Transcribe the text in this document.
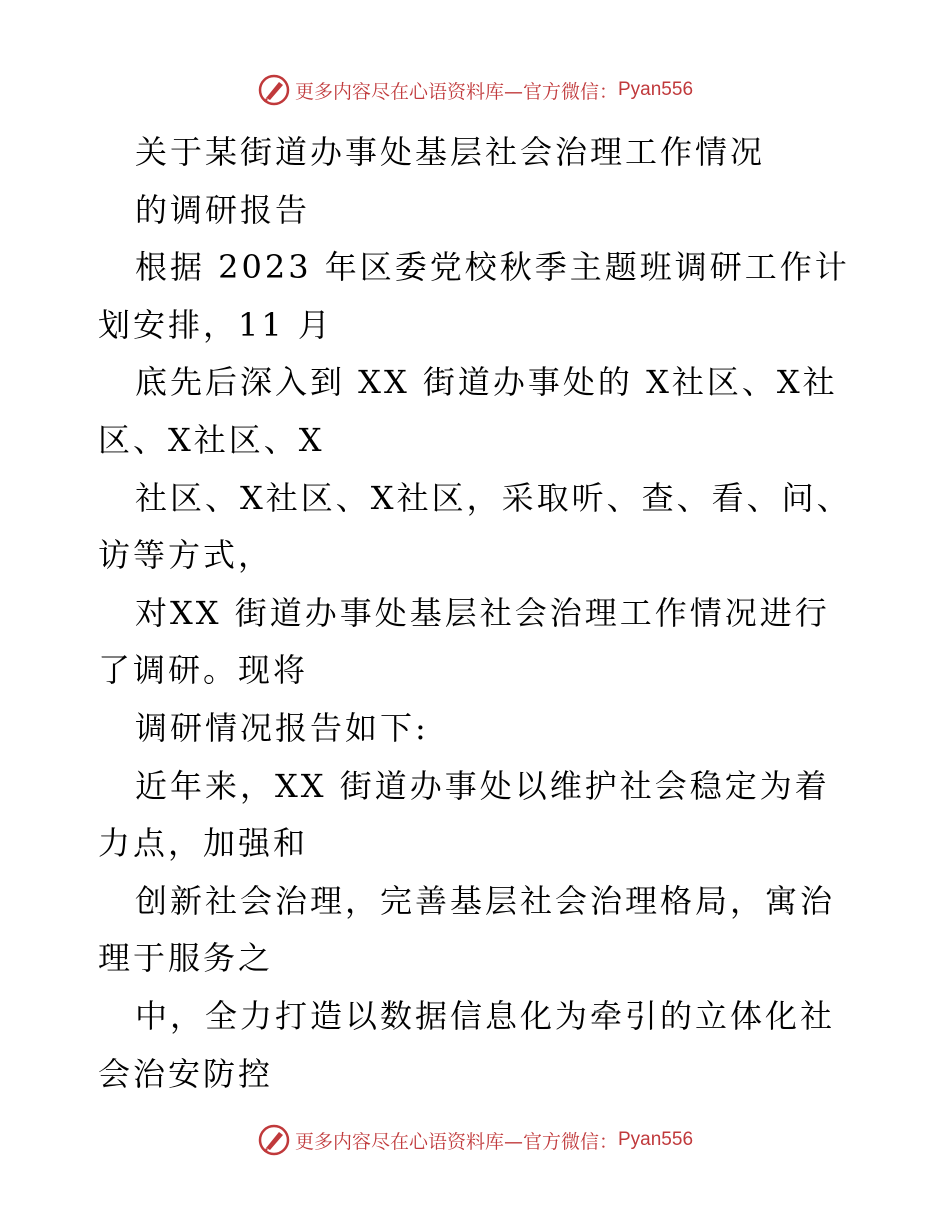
更多内容尽在心语资料库—官方微信： Pyan556

关于某街道办事处基层社会治理工作情况

的调研报告

根据 2023 年区委党校秋季主题班调研工作计划安排，11 月

底先后深入到 XX 街道办事处的 X社区、X社区、X社区、X

社区、X社区、X社区，采取听、查、看、问、访等方式，

对XX 街道办事处基层社会治理工作情况进行了调研。现将

调研情况报告如下:

近年来，XX 街道办事处以维护社会稳定为着力点，加强和

创新社会治理，完善基层社会治理格局，寓治理于服务之

中，全力打造以数据信息化为牵引的立体化社会治安防控

更多内容尽在心语资料库—官方微信： Pyan556
